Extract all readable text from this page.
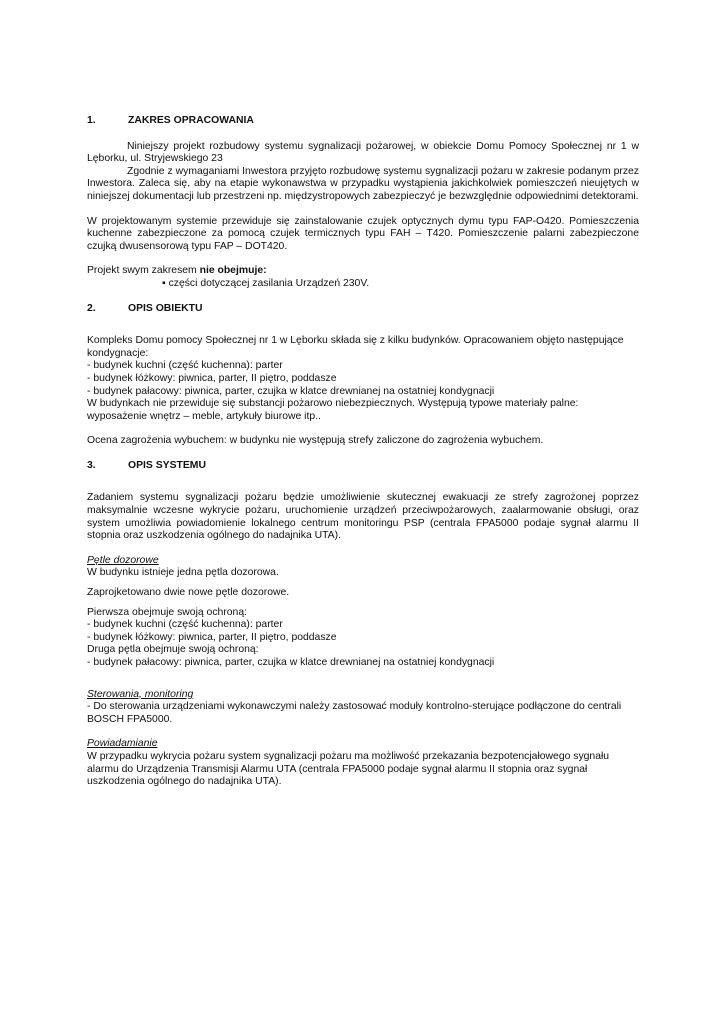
1.	ZAKRES OPRACOWANIA

Niniejszy projekt rozbudowy systemu sygnalizacji pożarowej, w obiekcie Domu Pomocy Społecznej nr 1 w Lęborku, ul. Stryjewskiego 23

Zgodnie z wymaganiami Inwestora przyjęto rozbudowę systemu sygnalizacji pożaru w zakresie podanym przez Inwestora. Zaleca się, aby na etapie wykonawstwa w przypadku wystąpienia jakichkolwiek pomieszczeń nieujętych w niniejszej dokumentacji lub przestrzeni np. międzystropowych zabezpieczyć je bezwzględnie odpowiednimi detektorami.

W projektowanym systemie przewiduje się zainstalowanie czujek optycznych dymu typu FAP-O420. Pomieszczenia kuchenne zabezpieczone za pomocą czujek termicznych typu FAH – T420. Pomieszczenie palarni zabezpieczone czujką dwusensorową typu FAP – DOT420.

Projekt swym zakresem nie obejmuje:

▪ części dotyczącej zasilania Urządzeń 230V.

2.	OPIS OBIEKTU

Kompleks Domu pomocy Społecznej nr 1 w Lęborku składa się z kilku budynków. Opracowaniem objęto następujące kondygnacje:

- budynek kuchni (część kuchenna): parter

- budynek łóżkowy: piwnica, parter, II piętro, poddasze

- budynek pałacowy: piwnica, parter, czujka w klatce drewnianej na ostatniej kondygnacji

W budynkach nie przewiduje się substancji pożarowo niebezpiecznych. Występują typowe materiały palne: wyposażenie wnętrz – meble, artykuły biurowe itp..

Ocena zagrożenia wybuchem: w budynku nie występują strefy zaliczone do zagrożenia wybuchem.

3.	OPIS SYSTEMU

Zadaniem systemu sygnalizacji pożaru będzie umożliwienie skutecznej ewakuacji ze strefy zagrożonej poprzez maksymalnie wczesne wykrycie pożaru, uruchomienie urządzeń przeciwpożarowych, zaalarmowanie obsługi, oraz system umożliwia powiadomienie lokalnego centrum monitoringu PSP (centrala FPA5000 podaje sygnał alarmu II stopnia oraz uszkodzenia ogólnego do nadajnika UTA).

Pętle dozorowe

W budynku istnieje jedna pętla dozorowa.

Zaprojketowano dwie nowe pętle dozorowe.

Pierwsza obejmuje swoją ochroną:

- budynek kuchni (część kuchenna): parter

- budynek łóżkowy: piwnica, parter, II piętro, poddasze

Druga pętla obejmuje swoją ochroną:

- budynek pałacowy: piwnica, parter, czujka w klatce drewnianej na ostatniej kondygnacji

Sterowania, monitoring

- Do sterowania urządzeniami wykonawczymi należy zastosować moduły kontrolno-sterujące podłączone do centrali BOSCH FPA5000.

Powiadamianie

W przypadku wykrycia pożaru system sygnalizacji pożaru ma możliwość przekazania bezpotencjałowego sygnału alarmu do Urządzenia Transmisji Alarmu UTA (centrala FPA5000 podaje sygnał alarmu II stopnia oraz sygnał uszkodzenia ogólnego do nadajnika UTA).
